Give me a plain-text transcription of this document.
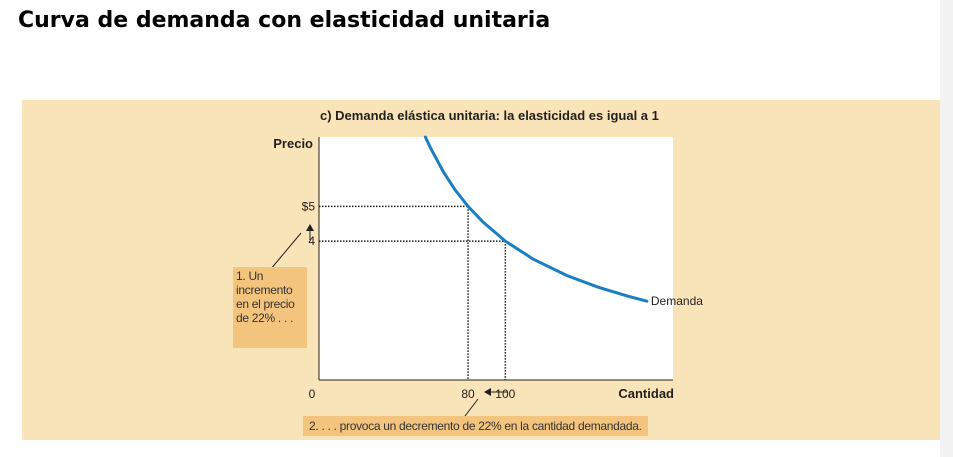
Curva de demanda con elasticidad unitaria
c) Demanda elástica unitaria: la elasticidad es igual a 1
Precio
Cantidad
0	80 100
$5
4
Demanda
1. Un
incremento
en el precio
de 22% . . .
2. . . . provoca un decremento de 22% en la cantidad demandada.
